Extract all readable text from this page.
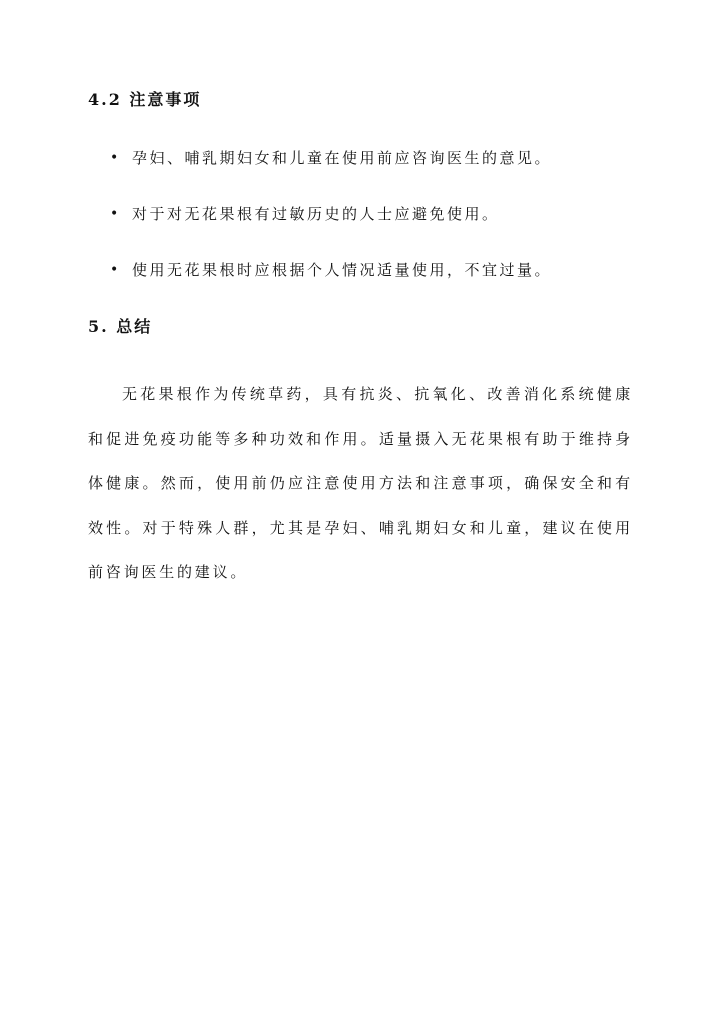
4.2 注意事项
• 孕妇、哺乳期妇女和儿童在使用前应咨询医生的意见。
• 对于对无花果根有过敏历史的人士应避免使用。
• 使用无花果根时应根据个人情况适量使用，不宜过量。
5. 总结

无花果根作为传统草药，具有抗炎、抗氧化、改善消化系统健康和促进免疫功能等多种功效和作用。适量摄入无花果根有助于维持身体健康。然而，使用前仍应注意使用方法和注意事项，确保安全和有效性。对于特殊人群，尤其是孕妇、哺乳期妇女和儿童，建议在使用前咨询医生的建议。
